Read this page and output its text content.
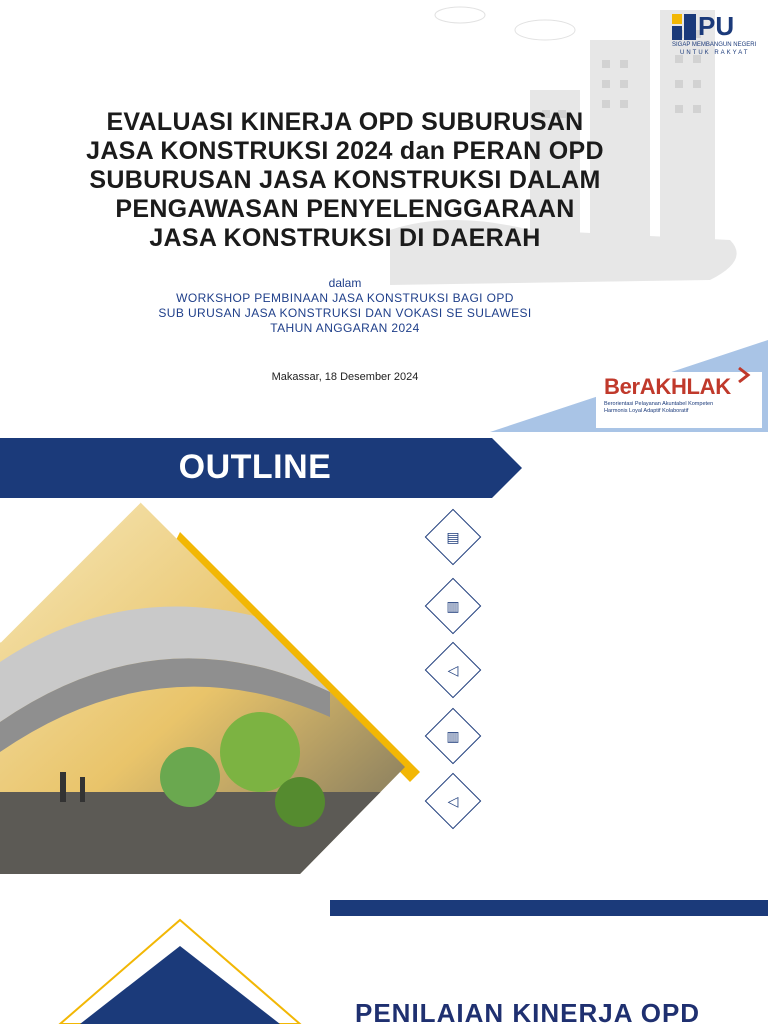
PU
SIGAP MEMBANGUN NEGERI
UNTUK RAKYAT
EVALUASI KINERJA OPD SUBURUSAN
JASA KONSTRUKSI 2024 dan PERAN OPD
SUBURUSAN JASA KONSTRUKSI DALAM
PENGAWASAN PENYELENGGARAAN
JASA KONSTRUKSI DI DAERAH
dalam
WORKSHOP PEMBINAAN JASA KONSTRUKSI BAGI OPD
SUB URUSAN JASA KONSTRUKSI DAN VOKASI SE SULAWESI
TAHUN ANGGARAN 2024
Makassar, 18 Desember 2024	BerAKHLAK
Berorientasi Pelayanan Akuntabel Kompeten
Harmonis Loyal Adaptif Kolaboratif
OUTLINE
▤
▥
◁
▥
◁
PENILAIAN KINERJA OPD
